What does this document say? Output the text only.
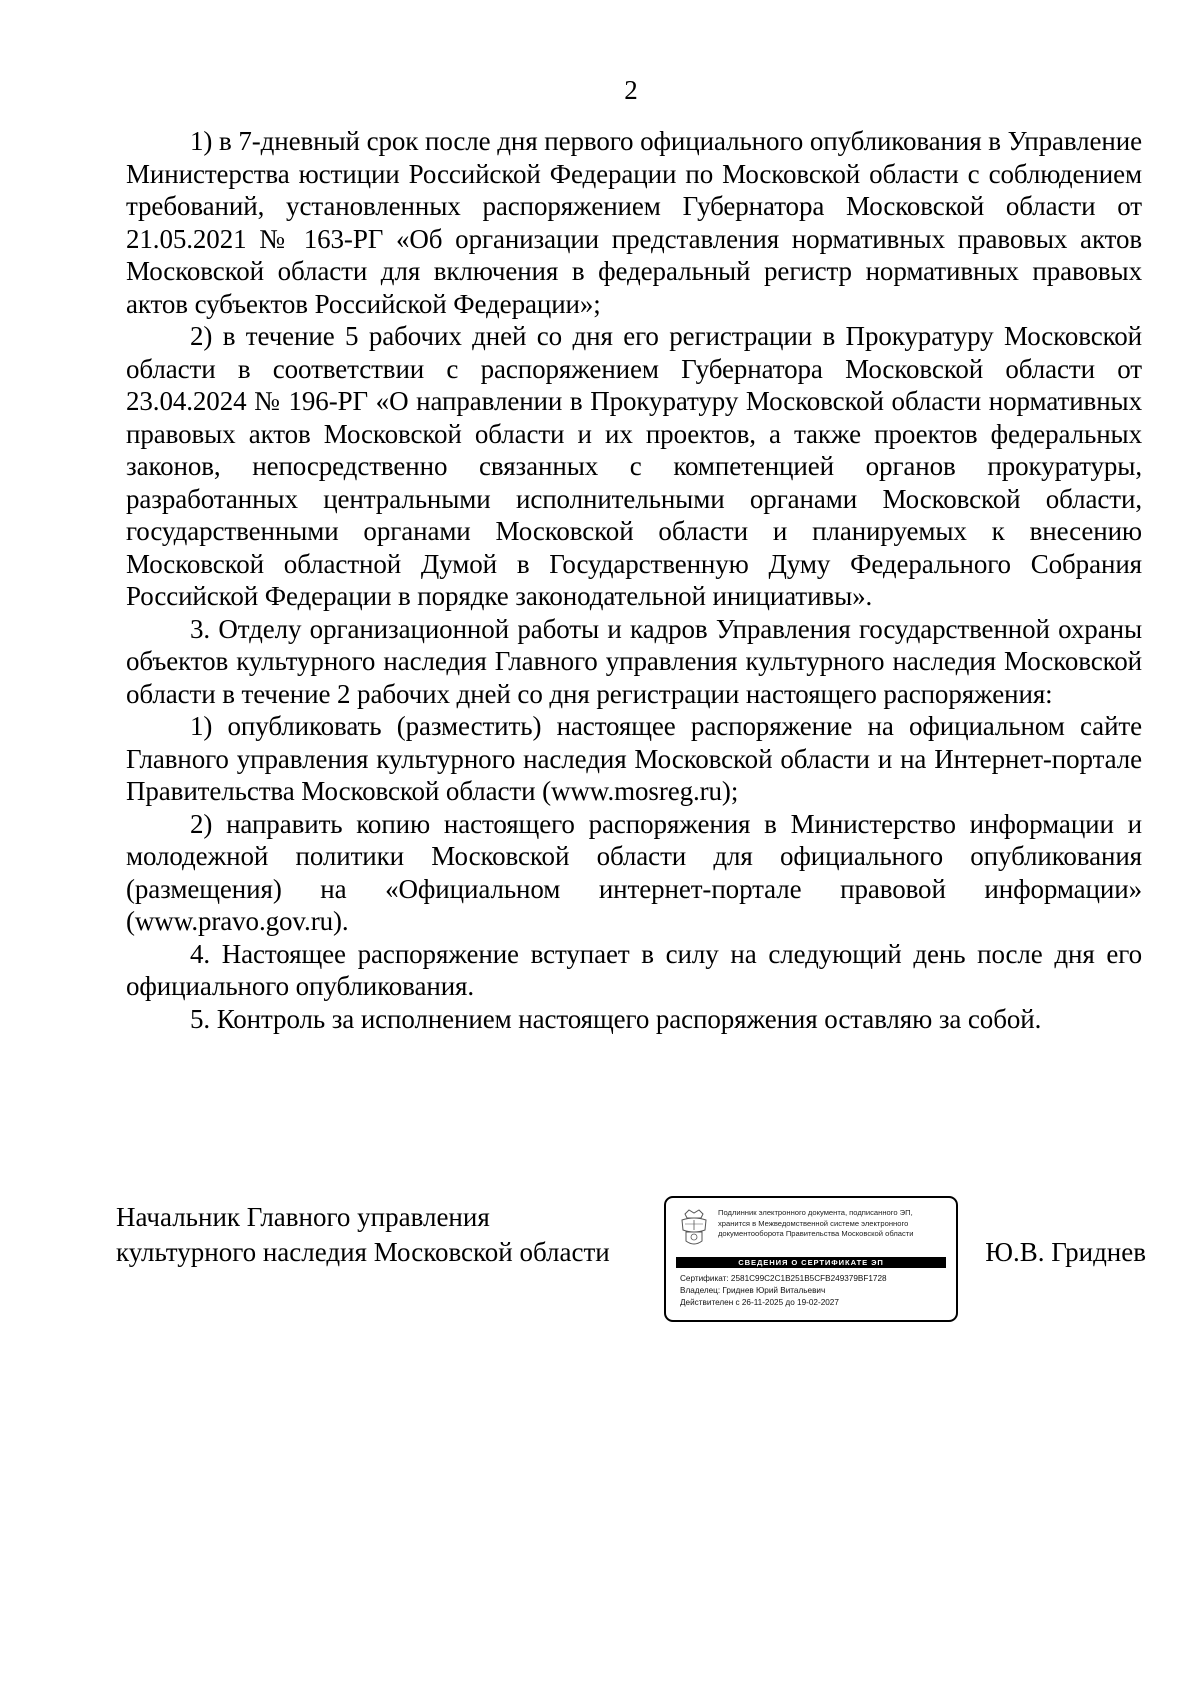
2

1) в 7-дневный срок после дня первого официального опубликования в Управление Министерства юстиции Российской Федерации по Московской области с соблюдением требований, установленных распоряжением Губернатора Московской области от 21.05.2021 № 163-РГ «Об организации представления нормативных правовых актов Московской области для включения в федеральный регистр нормативных правовых актов субъектов Российской Федерации»;

2) в течение 5 рабочих дней со дня его регистрации в Прокуратуру Московской области в соответствии с распоряжением Губернатора Московской области от 23.04.2024 № 196-РГ «О направлении в Прокуратуру Московской области нормативных правовых актов Московской области и их проектов, а также проектов федеральных законов, непосредственно связанных с компетенцией органов прокуратуры, разработанных центральными исполнительными органами Московской области, государственными органами Московской области и планируемых к внесению Московской областной Думой в Государственную Думу Федерального Собрания Российской Федерации в порядке законодательной инициативы».

3. Отделу организационной работы и кадров Управления государственной охраны объектов культурного наследия Главного управления культурного наследия Московской области в течение 2 рабочих дней со дня регистрации настоящего распоряжения:

1) опубликовать (разместить) настоящее распоряжение на официальном сайте Главного управления культурного наследия Московской области и на Интернет-портале Правительства Московской области (www.mosreg.ru);

2) направить копию настоящего распоряжения в Министерство информации и молодежной политики Московской области для официального опубликования (размещения) на «Официальном интернет-портале правовой информации» (www.pravo.gov.ru).

4. Настоящее распоряжение вступает в силу на следующий день после дня его официального опубликования.

5. Контроль за исполнением настоящего распоряжения оставляю за собой.

Начальник Главного управления
культурного наследия Московской области
Подлинник электронного документа, подписанного ЭП,
хранится в Межведомственной системе электронного
документооборота Правительства Московской области
СВЕДЕНИЯ О СЕРТИФИКАТЕ ЭП
Сертификат: 2581C99C2C1B251B5CFB249379BF1728
Владелец: Гриднев Юрий Витальевич
Действителен с 26-11-2025 до 19-02-2027
Ю.В. Гриднев
